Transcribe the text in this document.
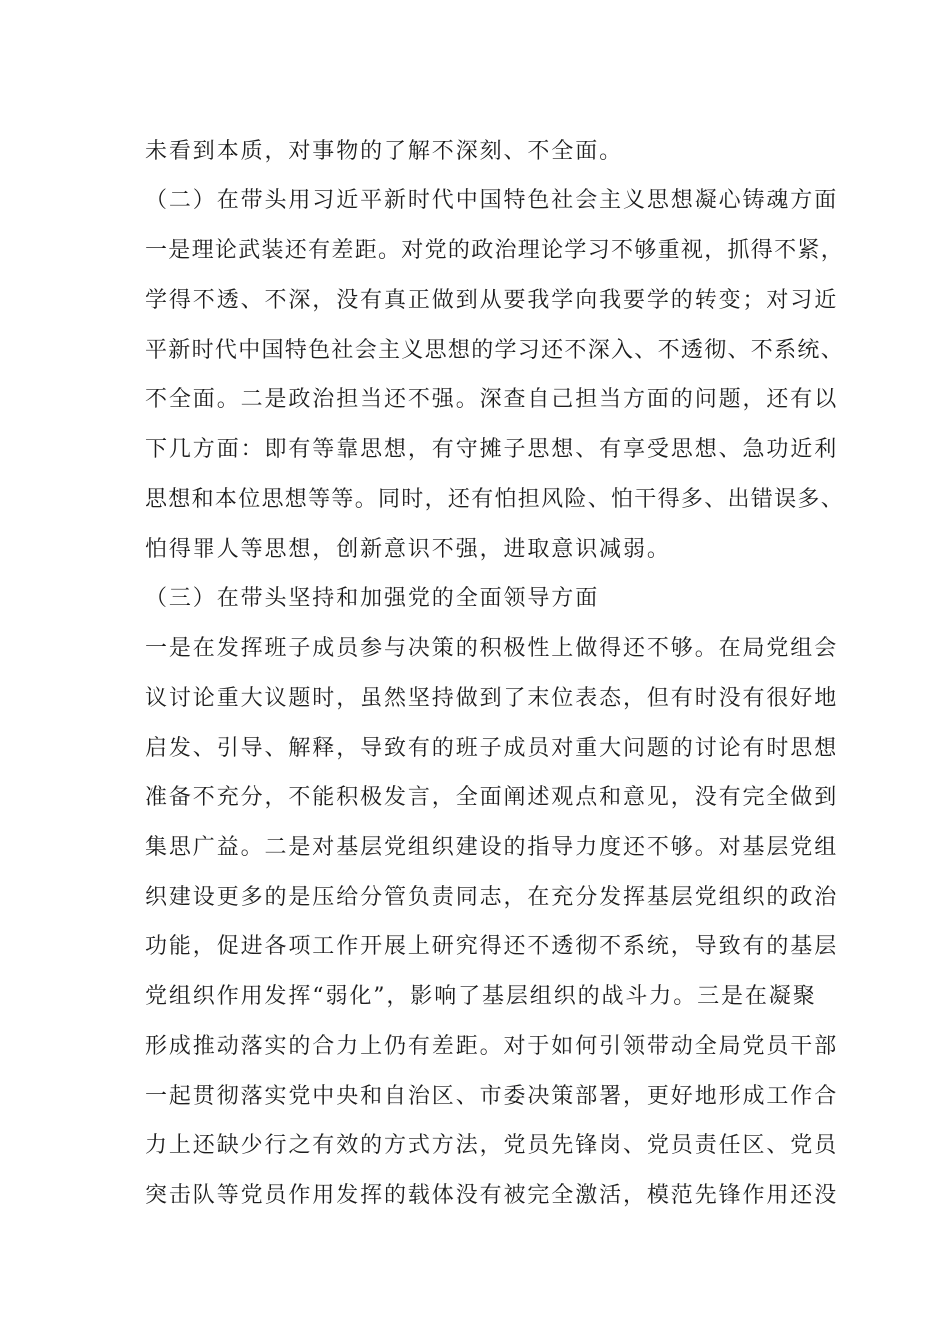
未看到本质，对事物的了解不深刻、不全面。
（二）在带头用习近平新时代中国特色社会主义思想凝心铸魂方面
一是理论武装还有差距。对党的政治理论学习不够重视，抓得不紧，
学得不透、不深，没有真正做到从要我学向我要学的转变；对习近
平新时代中国特色社会主义思想的学习还不深入、不透彻、不系统、
不全面。二是政治担当还不强。深查自己担当方面的问题，还有以
下几方面：即有等靠思想，有守摊子思想、有享受思想、急功近利
思想和本位思想等等。同时，还有怕担风险、怕干得多、出错误多、
怕得罪人等思想，创新意识不强，进取意识减弱。
（三）在带头坚持和加强党的全面领导方面
一是在发挥班子成员参与决策的积极性上做得还不够。在局党组会
议讨论重大议题时，虽然坚持做到了末位表态，但有时没有很好地
启发、引导、解释，导致有的班子成员对重大问题的讨论有时思想
准备不充分，不能积极发言，全面阐述观点和意见，没有完全做到
集思广益。二是对基层党组织建设的指导力度还不够。对基层党组
织建设更多的是压给分管负责同志，在充分发挥基层党组织的政治
功能，促进各项工作开展上研究得还不透彻不系统，导致有的基层
党组织作用发挥“弱化”，影响了基层组织的战斗力。三是在凝聚
形成推动落实的合力上仍有差距。对于如何引领带动全局党员干部
一起贯彻落实党中央和自治区、市委决策部署，更好地形成工作合
力上还缺少行之有效的方式方法，党员先锋岗、党员责任区、党员
突击队等党员作用发挥的载体没有被完全激活，模范先锋作用还没
